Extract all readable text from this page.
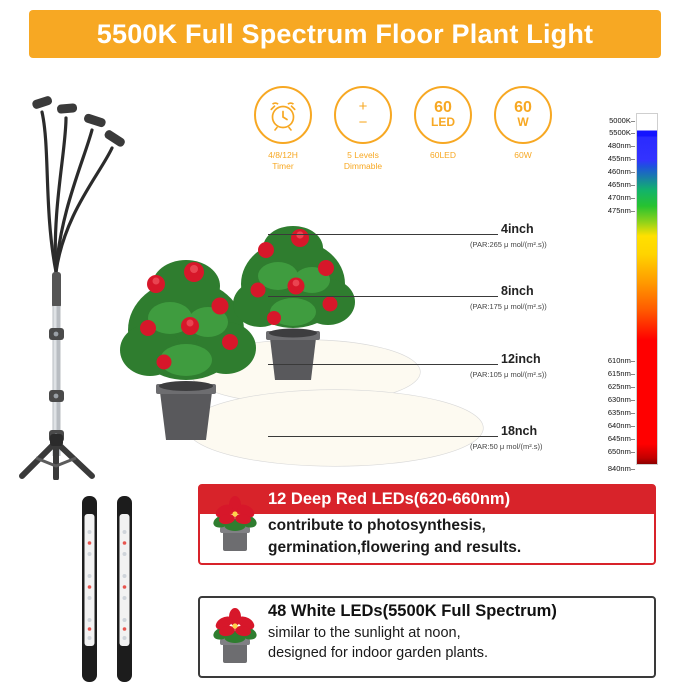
5500K Full Spectrum Floor Plant Light
4/8/12H
Timer
+
−
5 Levels
Dimmable
60
LED
60LED
60
W
60W
4inch
(PAR:265 μ mol/(m².s))
8inch
(PAR:175 μ mol/(m².s))
12inch
(PAR:105 μ mol/(m².s))
18nch
(PAR:50 μ mol/(m².s))
5000K–
5500K–
480nm–
455nm–
460nm–
465nm–
470nm–
475nm–
610nm–
615nm–
625nm–
630nm–
635nm–
640nm–
645nm–
650nm–
840nm–
12 Deep Red LEDs(620-660nm)
contribute to photosynthesis,
germination,flowering and results.
48 White LEDs(5500K Full Spectrum)
similar to the sunlight at noon,
designed for indoor garden plants.
